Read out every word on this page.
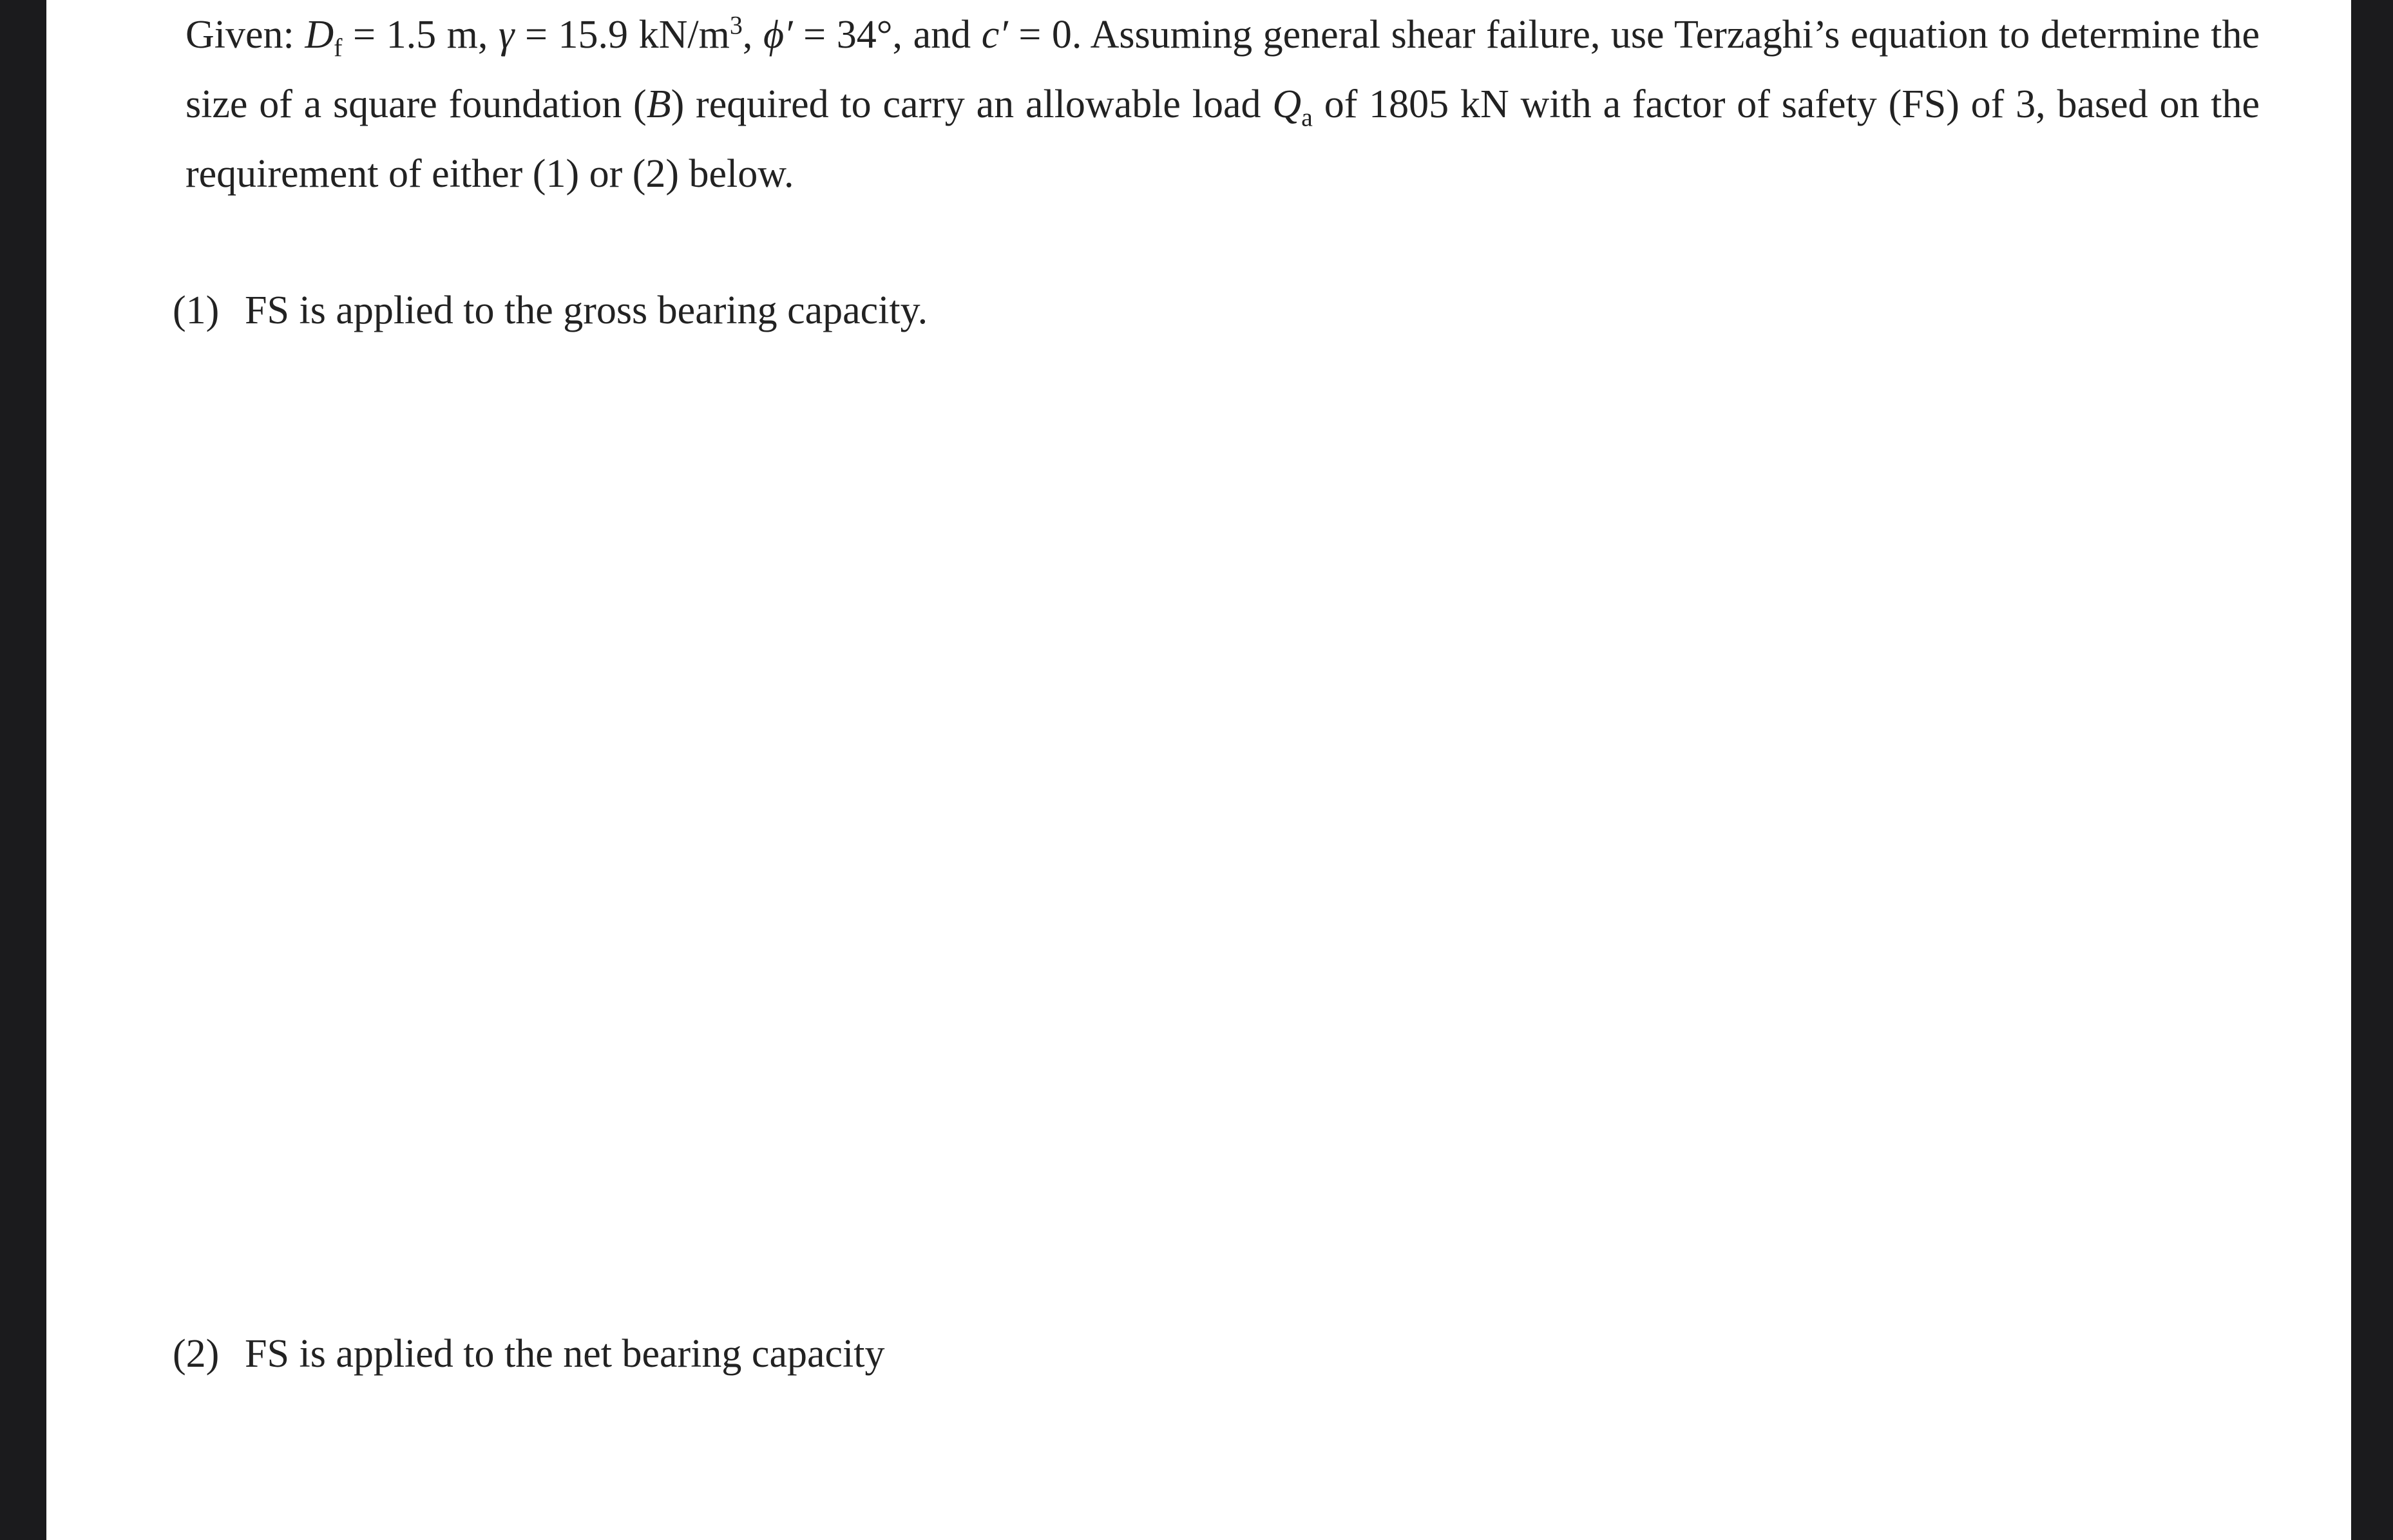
Given: $D_f = 1.5$ m, γ = 15.9 $kN/m^3$, ϕ′ = 34°, and c′ = 0. Assuming general shear failure, use Terzaghi’s equation to determine the size of a square foundation (B) required to carry an allowable load $Q_a$ of 1805 kN with a factor of safety (FS) of 3, based on the requirement of either (1) or (2) below.

(1) FS is applied to the gross bearing capacity.

(2) FS is applied to the net bearing capacity
